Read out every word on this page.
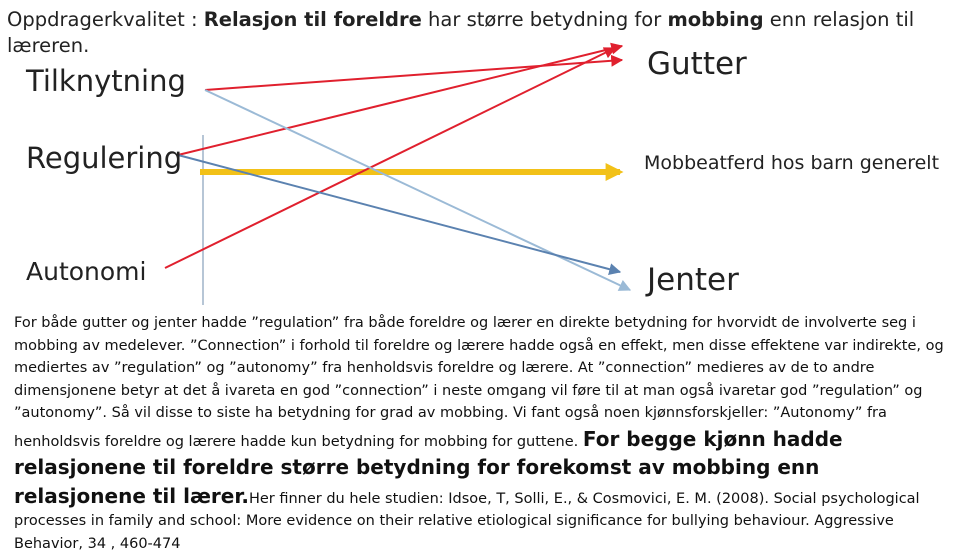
Oppdragerkvalitet : Relasjon til foreldre har større betydning for mobbing enn relasjon til læreren.
Tilknytning
Regulering
Autonomi
Gutter
Mobbeatferd hos barn generelt
Jenter
For både gutter og jenter hadde ”regulation” fra både foreldre og lærer en direkte betydning for hvorvidt de involverte seg i mobbing av medelever. ”Connection” i forhold til foreldre og lærere hadde også en effekt, men disse effektene var indirekte, og mediertes av ”regulation” og ”autonomy” fra henholdsvis foreldre og lærere. At ”connection” medieres av de to andre dimensjonene betyr at det å ivareta en god ”connection” i neste omgang vil føre til at man også ivaretar god ”regulation” og ”autonomy”. Så vil disse to siste ha betydning for grad av mobbing. Vi fant også noen kjønnsforskjeller: ”Autonomy” fra henholdsvis foreldre og lærere hadde kun betydning for mobbing for guttene. For begge kjønn hadde relasjonene til foreldre større betydning for forekomst av mobbing enn relasjonene til lærer.Her finner du hele studien: Idsoe, T, Solli, E., & Cosmovici, E. M. (2008). Social psychological processes in family and school: More evidence on their relative etiological significance for bullying behaviour. Aggressive Behavior, 34 , 460-474
